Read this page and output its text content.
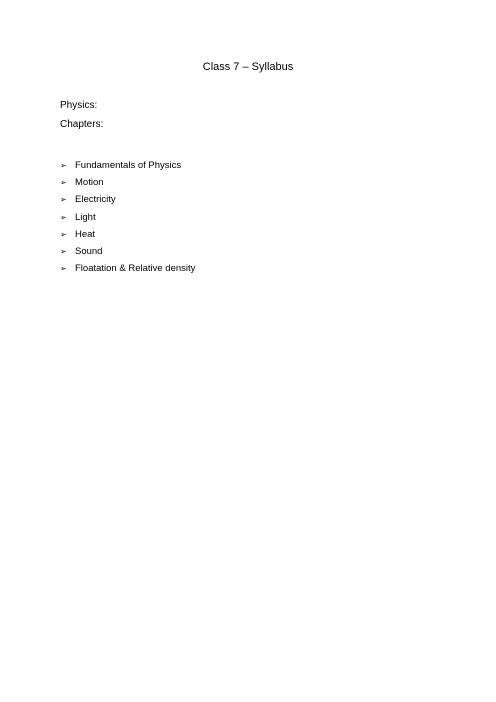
Class 7 – Syllabus
Physics:
Chapters:
➢ Fundamentals of Physics
➢ Motion
➢ Electricity
➢ Light
➢ Heat
➢ Sound
➢ Floatation & Relative density
